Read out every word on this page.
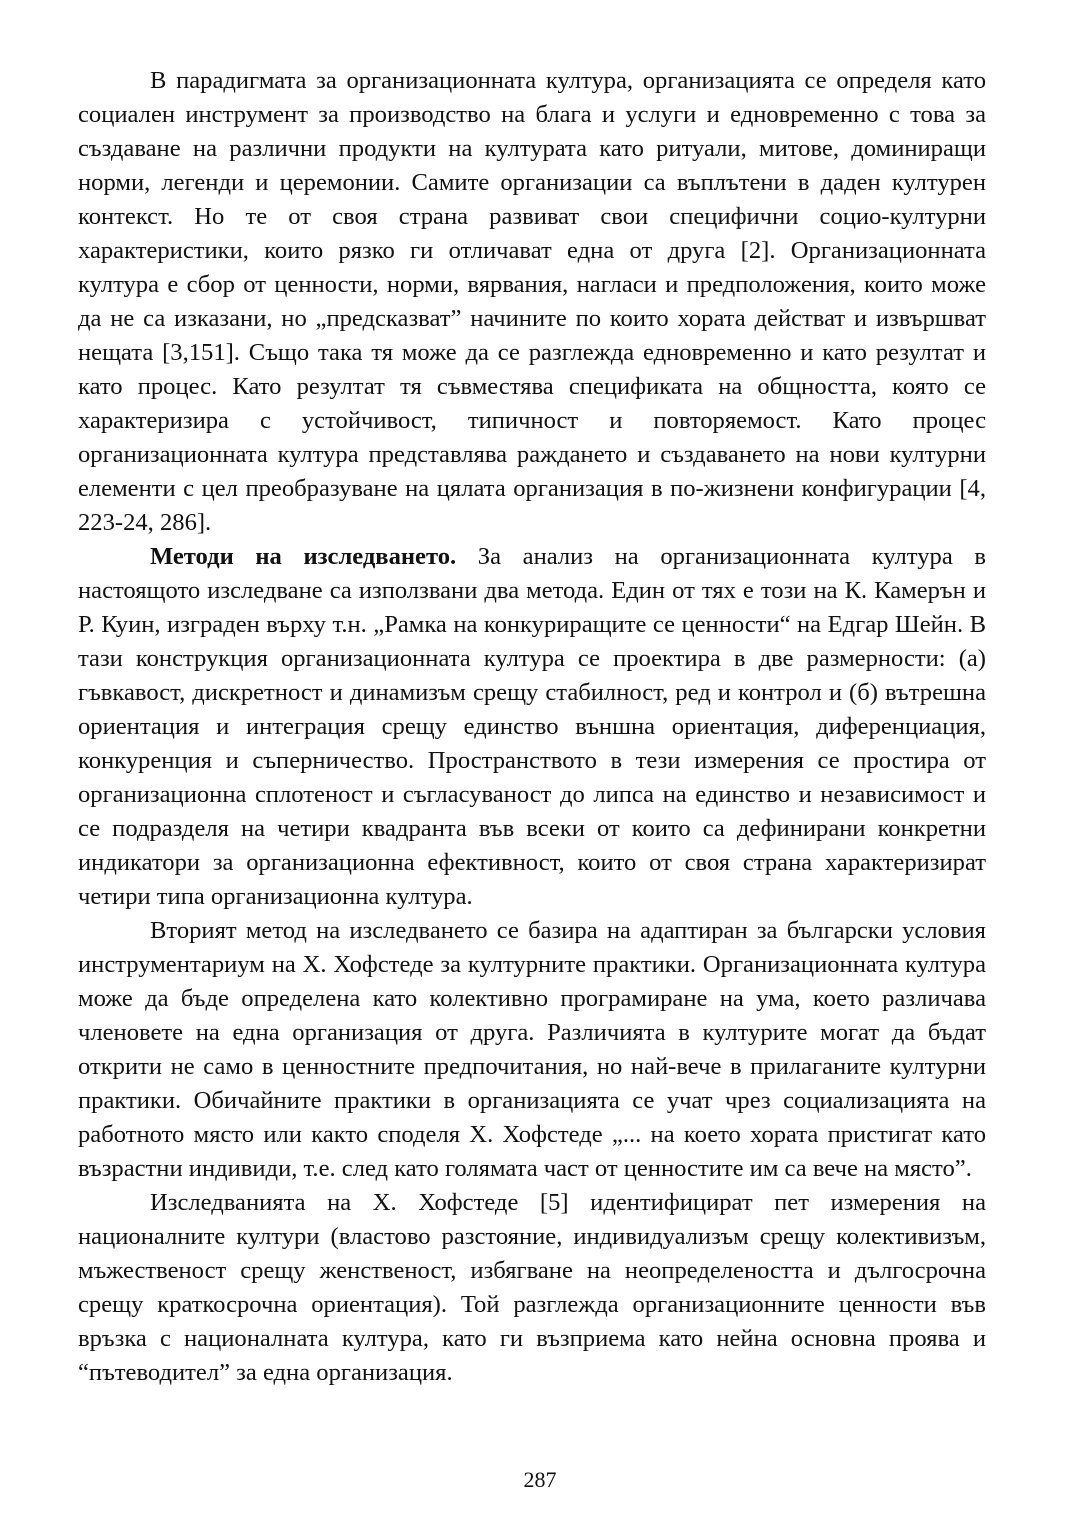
В парадигмата за организационната култура, организацията се определя като социален инструмент за производство на блага и услуги и едновременно с това за създаване на различни продукти на културата като ритуали, митове, доминиращи норми, легенди и церемонии. Самите организации са въплътени в даден културен контекст. Но те от своя страна развиват свои специфични социо-културни характеристики, които рязко ги отличават една от друга [2]. Организационната култура е сбор от ценности, норми, вярвания, нагласи и предположения, които може да не са изказани, но „предсказват” начините по които хората действат и извършват нещата [3,151]. Също така тя може да се разглежда едновременно и като резултат и като процес. Като резултат тя съвместява спецификата на общността, която се характеризира с устойчивост, типичност и повторяемост. Като процес организационната култура представлява раждането и създаването на нови културни елементи с цел преобразуване на цялата организация в по-жизнени конфигурации [4, 223-24, 286].

Методи на изследването. За анализ на организационната култура в настоящото изследване са използвани два метода. Един от тях е този на К. Камерън и Р. Куин, изграден върху т.н. „Рамка на конкуриращите се ценности“ на Едгар Шейн. В тази конструкция организационната култура се проектира в две размерности: (а) гъвкавост, дискретност и динамизъм срещу стабилност, ред и контрол и (б) вътрешна ориентация и интеграция срещу единство външна ориентация, диференциация, конкуренция и съперничество. Пространството в тези измерения се простира от организационна сплотеност и съгласуваност до липса на единство и независимост и се подразделя на четири квадранта във всеки от които са дефинирани конкретни индикатори за организационна ефективност, които от своя страна характеризират четири типа организационна култура.

Вторият метод на изследването се базира на адаптиран за български условия инструментариум на Х. Хофстеде за културните практики. Организационната култура може да бъде определена като колективно програмиране на ума, което различава членовете на една организация от друга. Различията в културите могат да бъдат открити не само в ценностните предпочитания, но най-вече в прилаганите културни практики. Обичайните практики в организацията се учат чрез социализацията на работното място или както споделя Х. Хофстеде „... на което хората пристигат като възрастни индивиди, т.е. след като голямата част от ценностите им са вече на място”.

Изследванията на Х. Хофстеде [5] идентифицират пет измерения на националните култури (властово разстояние, индивидуализъм срещу колективизъм, мъжественост срещу женственост, избягване на неопределеността и дългосрочна срещу краткосрочна ориентация). Той разглежда организационните ценности във връзка с националната култура, като ги възприема като нейна основна проява и “пътеводител” за една организация.

287
